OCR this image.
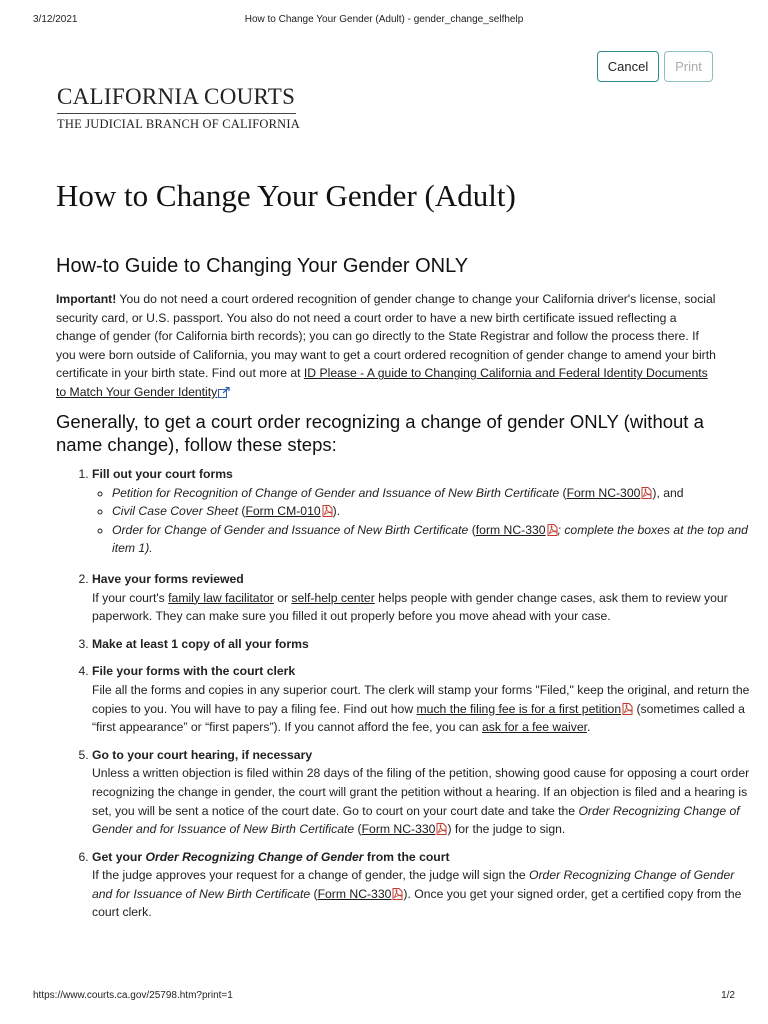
3/12/2021	How to Change Your Gender (Adult) - gender_change_selfhelp
Cancel	Print
CALIFORNIA COURTS
THE JUDICIAL BRANCH OF CALIFORNIA
How to Change Your Gender (Adult)
How-to Guide to Changing Your Gender ONLY
Important! You do not need a court ordered recognition of gender change to change your California driver's license, social security card, or U.S. passport. You also do not need a court order to have a new birth certificate issued reflecting a change of gender (for California birth records); you can go directly to the State Registrar and follow the process there. If you were born outside of California, you may want to get a court ordered recognition of gender change to amend your birth certificate in your birth state. Find out more at ID Please - A guide to Changing California and Federal Identity Documents to Match Your Gender Identity
Generally, to get a court order recognizing a change of gender ONLY (without a name change), follow these steps:
1. Fill out your court forms
◦ Petition for Recognition of Change of Gender and Issuance of New Birth Certificate (Form NC-300 ), and
◦ Civil Case Cover Sheet (Form CM-010 ).
◦ Order for Change of Gender and Issuance of New Birth Certificate (form NC-330 ; complete the boxes at the top and item 1).
2. Have your forms reviewed
If your court's family law facilitator or self-help center helps people with gender change cases, ask them to review your paperwork. They can make sure you filled it out properly before you move ahead with your case.
3. Make at least 1 copy of all your forms
4. File your forms with the court clerk
File all the forms and copies in any superior court. The clerk will stamp your forms "Filed," keep the original, and return the copies to you. You will have to pay a filing fee. Find out how much the filing fee is for a first petition (sometimes called a “first appearance” or “first papers”). If you cannot afford the fee, you can ask for a fee waiver.
5. Go to your court hearing, if necessary
Unless a written objection is filed within 28 days of the filing of the petition, showing good cause for opposing a court order recognizing the change in gender, the court will grant the petition without a hearing. If an objection is filed and a hearing is set, you will be sent a notice of the court date. Go to court on your court date and take the Order Recognizing Change of Gender and for Issuance of New Birth Certificate (Form NC-330 ) for the judge to sign.
6. Get your Order Recognizing Change of Gender from the court
If the judge approves your request for a change of gender, the judge will sign the Order Recognizing Change of Gender and for Issuance of New Birth Certificate (Form NC-330 ). Once you get your signed order, get a certified copy from the court clerk.
https://www.courts.ca.gov/25798.htm?print=1	1/2
